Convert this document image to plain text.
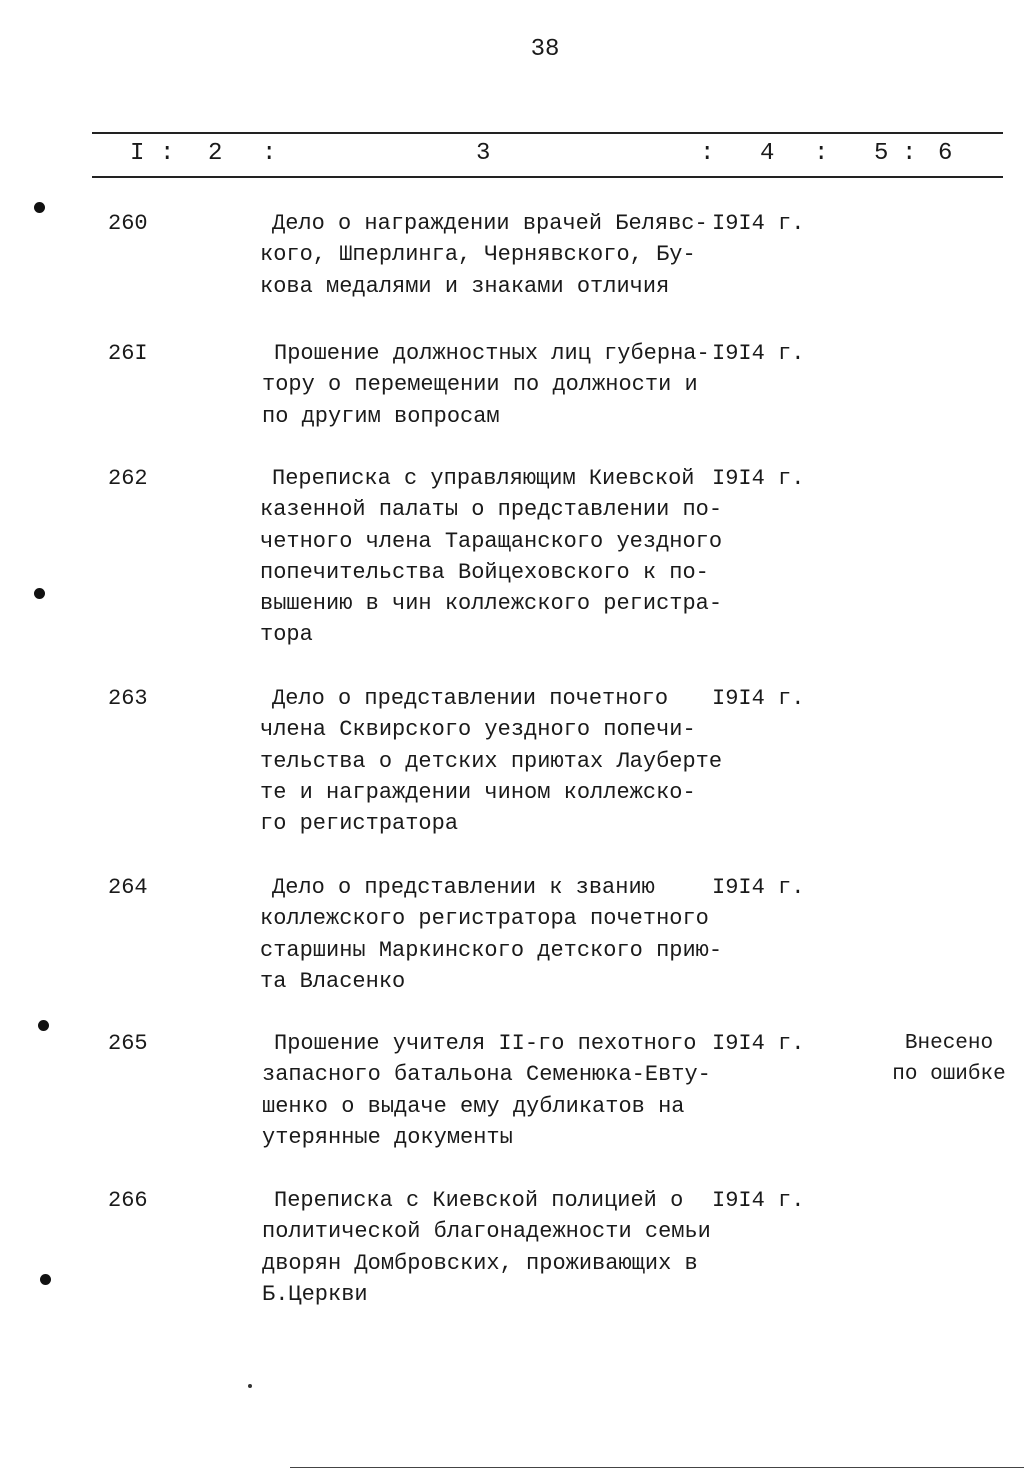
38
I : 2 :	3	: 4 : 5 : 6
260	Дело о награждении врачей Белявс-
кого, Шперлинга, Чернявского, Бу-
кова медалями и знаками отличия
I9I4 г.
26I	Прошение должностных лиц губерна-
тору о перемещении по должности и
по другим вопросам
I9I4 г.
262	Переписка с управляющим Киевской
казенной палаты о представлении по-
четного члена Таращанского уездного
попечительства Войцеховского к по-
вышению в чин коллежского регистра-
тора
I9I4 г.
263	Дело о представлении почетного
члена Сквирского уездного попечи-
тельства о детских приютах Лауберте
те и награждении чином коллежско-
го регистратора
I9I4 г.
264	Дело о представлении к званию
коллежского регистратора почетного
старшины Маркинского детского прию-
та Власенко
I9I4 г.
265	Прошение учителя II-го пехотного
запасного батальона Семенюка-Евту-
шенко о выдаче ему дубликатов на
утерянные документы
I9I4 г.	Внесено
по ошибке
266	Переписка с Киевской полицией о
политической благонадежности семьи
дворян Домбровских, проживающих в
Б.Церкви
I9I4 г.
